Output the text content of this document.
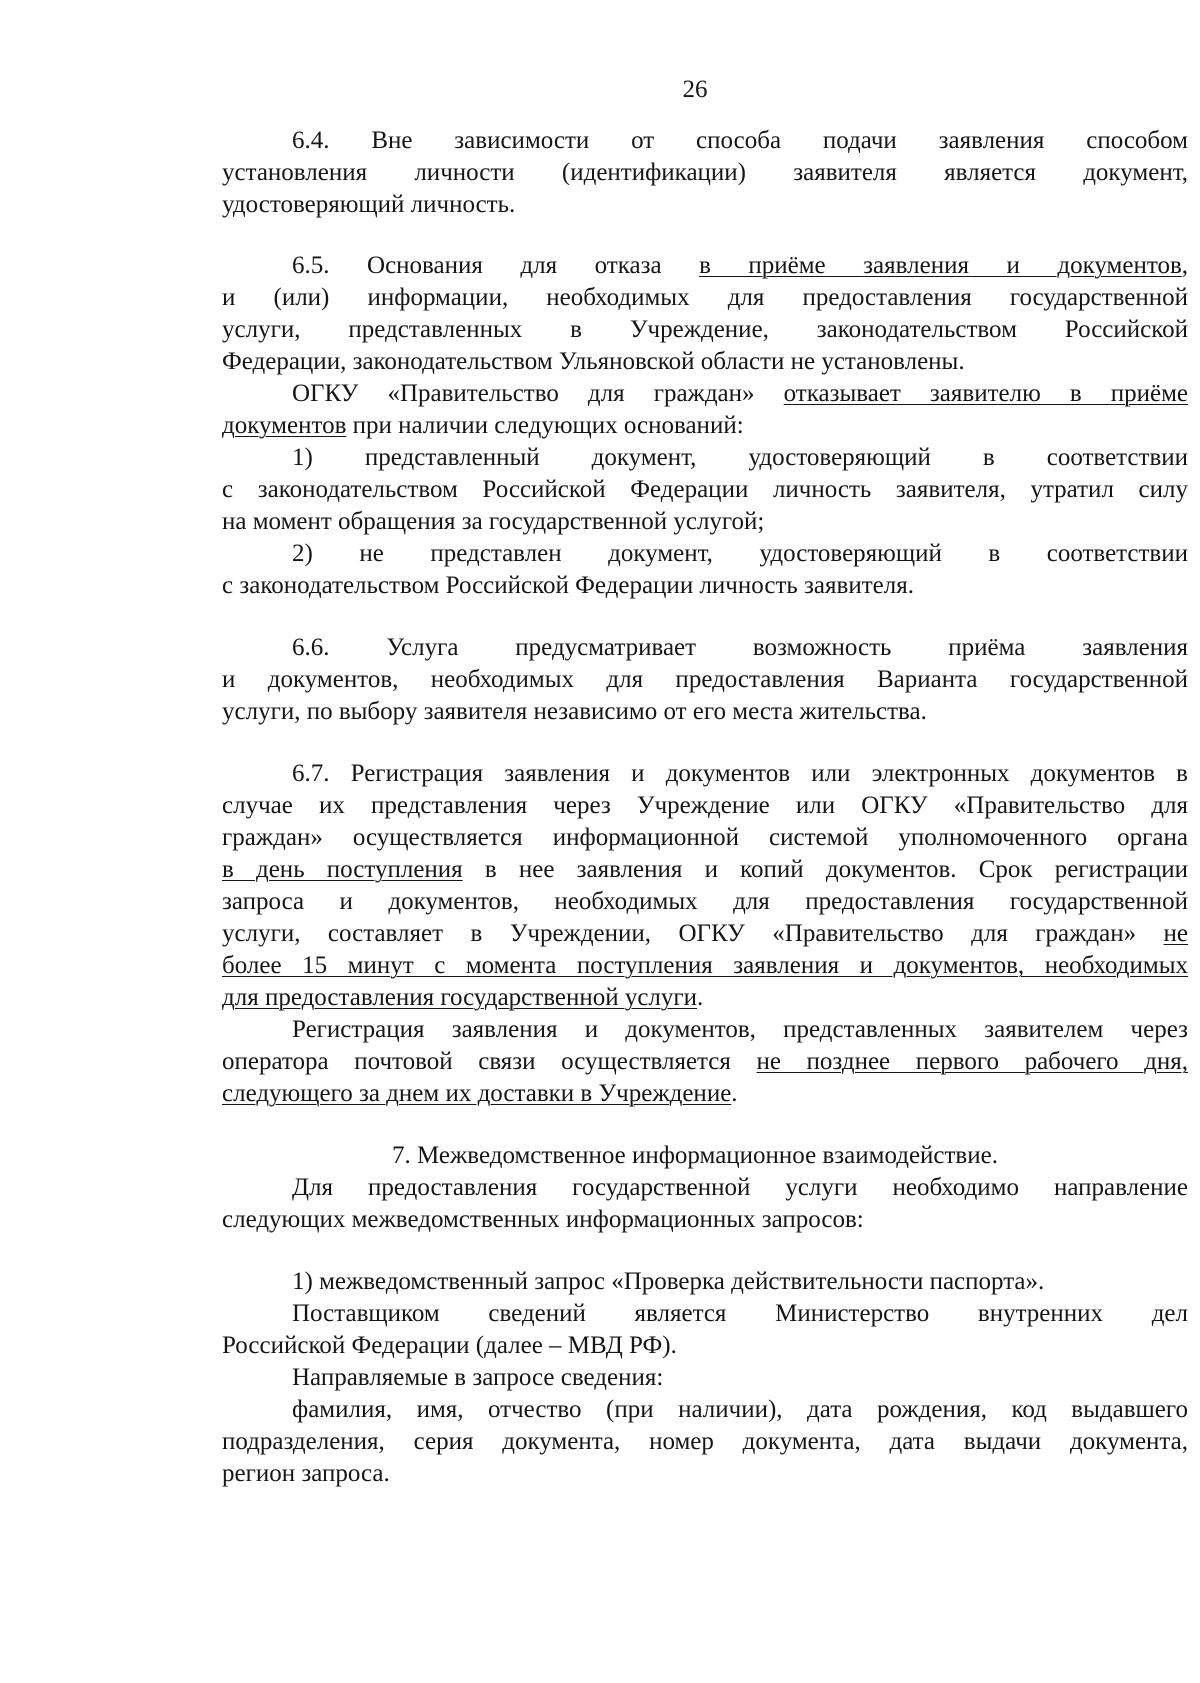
26
6.4. Вне зависимости от способа подачи заявления способом
установления личности (идентификации) заявителя является документ,
удостоверяющий личность.
6.5. Основания для отказа в приёме заявления и документов,
и (или) информации, необходимых для предоставления государственной
услуги, представленных в Учреждение, законодательством Российской
Федерации, законодательством Ульяновской области не установлены.
ОГКУ «Правительство для граждан» отказывает заявителю в приёме
документов при наличии следующих оснований:
1) представленный документ, удостоверяющий в соответствии
с законодательством Российской Федерации личность заявителя, утратил силу
на момент обращения за государственной услугой;
2) не представлен документ, удостоверяющий в соответствии
с законодательством Российской Федерации личность заявителя.
6.6. Услуга предусматривает возможность приёма заявления
и документов, необходимых для предоставления Варианта государственной
услуги, по выбору заявителя независимо от его места жительства.
6.7. Регистрация заявления и документов или электронных документов в
случае их представления через Учреждение или ОГКУ «Правительство для
граждан» осуществляется информационной системой уполномоченного органа
в день поступления в нее заявления и копий документов. Срок регистрации
запроса и документов, необходимых для предоставления государственной
услуги, составляет в Учреждении, ОГКУ «Правительство для граждан» не
более 15 минут с момента поступления заявления и документов, необходимых
для предоставления государственной услуги.
Регистрация заявления и документов, представленных заявителем через
оператора почтовой связи осуществляется не позднее первого рабочего дня,
следующего за днем их доставки в Учреждение.
7. Межведомственное информационное взаимодействие.
Для предоставления государственной услуги необходимо направление
следующих межведомственных информационных запросов:
1) межведомственный запрос «Проверка действительности паспорта».
Поставщиком сведений является Министерство внутренних дел
Российской Федерации (далее – МВД РФ).
Направляемые в запросе сведения:
фамилия, имя, отчество (при наличии), дата рождения, код выдавшего
подразделения, серия документа, номер документа, дата выдачи документа,
регион запроса.
